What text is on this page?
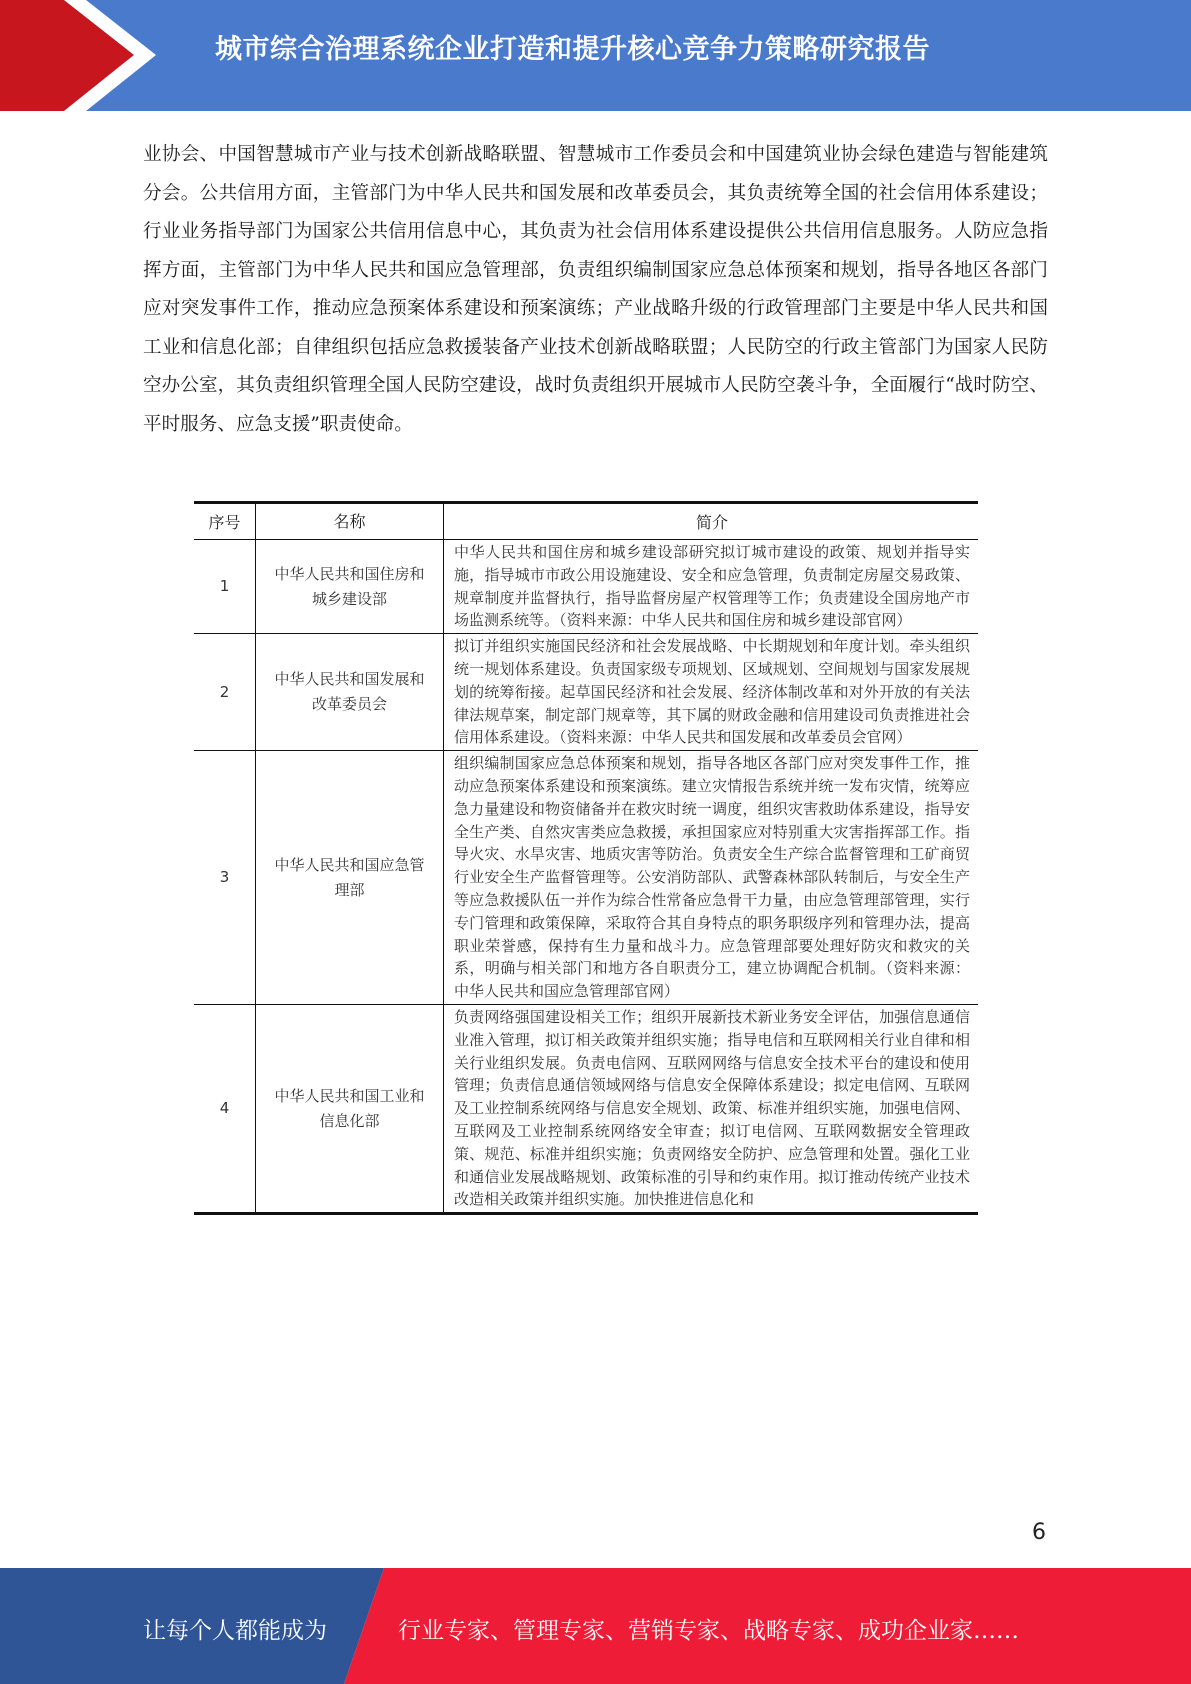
城市综合治理系统企业打造和提升核心竞争力策略研究报告
业协会、中国智慧城市产业与技术创新战略联盟、智慧城市工作委员会和中国建筑业协会绿色建造与智能建筑分会。公共信用方面，主管部门为中华人民共和国发展和改革委员会，其负责统筹全国的社会信用体系建设；行业业务指导部门为国家公共信用信息中心，其负责为社会信用体系建设提供公共信用信息服务。人防应急指挥方面，主管部门为中华人民共和国应急管理部，负责组织编制国家应急总体预案和规划，指导各地区各部门应对突发事件工作，推动应急预案体系建设和预案演练；产业战略升级的行政管理部门主要是中华人民共和国工业和信息化部；自律组织包括应急救援装备产业技术创新战略联盟；人民防空的行政主管部门为国家人民防空办公室，其负责组织管理全国人民防空建设，战时负责组织开展城市人民防空袭斗争，全面履行“战时防空、平时服务、应急支援”职责使命。
序号	名称	简介
1	中华人民共和国住房和城乡建设部	中华人民共和国住房和城乡建设部研究拟订城市建设的政策、规划并指导实施，指导城市市政公用设施建设、安全和应急管理，负责制定房屋交易政策、规章制度并监督执行，指导监督房屋产权管理等工作；负责建设全国房地产市场监测系统等。（资料来源：中华人民共和国住房和城乡建设部官网）
2	中华人民共和国发展和改革委员会	拟订并组织实施国民经济和社会发展战略、中长期规划和年度计划。牵头组织统一规划体系建设。负责国家级专项规划、区域规划、空间规划与国家发展规划的统筹衔接。起草国民经济和社会发展、经济体制改革和对外开放的有关法律法规草案，制定部门规章等，其下属的财政金融和信用建设司负责推进社会信用体系建设。（资料来源：中华人民共和国发展和改革委员会官网）
3	中华人民共和国应急管理部	组织编制国家应急总体预案和规划，指导各地区各部门应对突发事件工作，推动应急预案体系建设和预案演练。建立灾情报告系统并统一发布灾情，统筹应急力量建设和物资储备并在救灾时统一调度，组织灾害救助体系建设，指导安全生产类、自然灾害类应急救援，承担国家应对特别重大灾害指挥部工作。指导火灾、水旱灾害、地质灾害等防治。负责安全生产综合监督管理和工矿商贸行业安全生产监督管理等。公安消防部队、武警森林部队转制后，与安全生产等应急救援队伍一并作为综合性常备应急骨干力量，由应急管理部管理，实行专门管理和政策保障，采取符合其自身特点的职务职级序列和管理办法，提高职业荣誉感，保持有生力量和战斗力。应急管理部要处理好防灾和救灾的关系，明确与相关部门和地方各自职责分工，建立协调配合机制。（资料来源：中华人民共和国应急管理部官网）
4	中华人民共和国工业和信息化部	负责网络强国建设相关工作；组织开展新技术新业务安全评估，加强信息通信业准入管理，拟订相关政策并组织实施；指导电信和互联网相关行业自律和相关行业组织发展。负责电信网、互联网网络与信息安全技术平台的建设和使用管理；负责信息通信领域网络与信息安全保障体系建设；拟定电信网、互联网及工业控制系统网络与信息安全规划、政策、标准并组织实施，加强电信网、互联网及工业控制系统网络安全审查；拟订电信网、互联网数据安全管理政策、规范、标准并组织实施；负责网络安全防护、应急管理和处置。强化工业和通信业发展战略规划、政策标准的引导和约束作用。拟订推动传统产业技术改造相关政策并组织实施。加快推进信息化和
6
让每个人都能成为	行业专家、管理专家、营销专家、战略专家、成功企业家……
